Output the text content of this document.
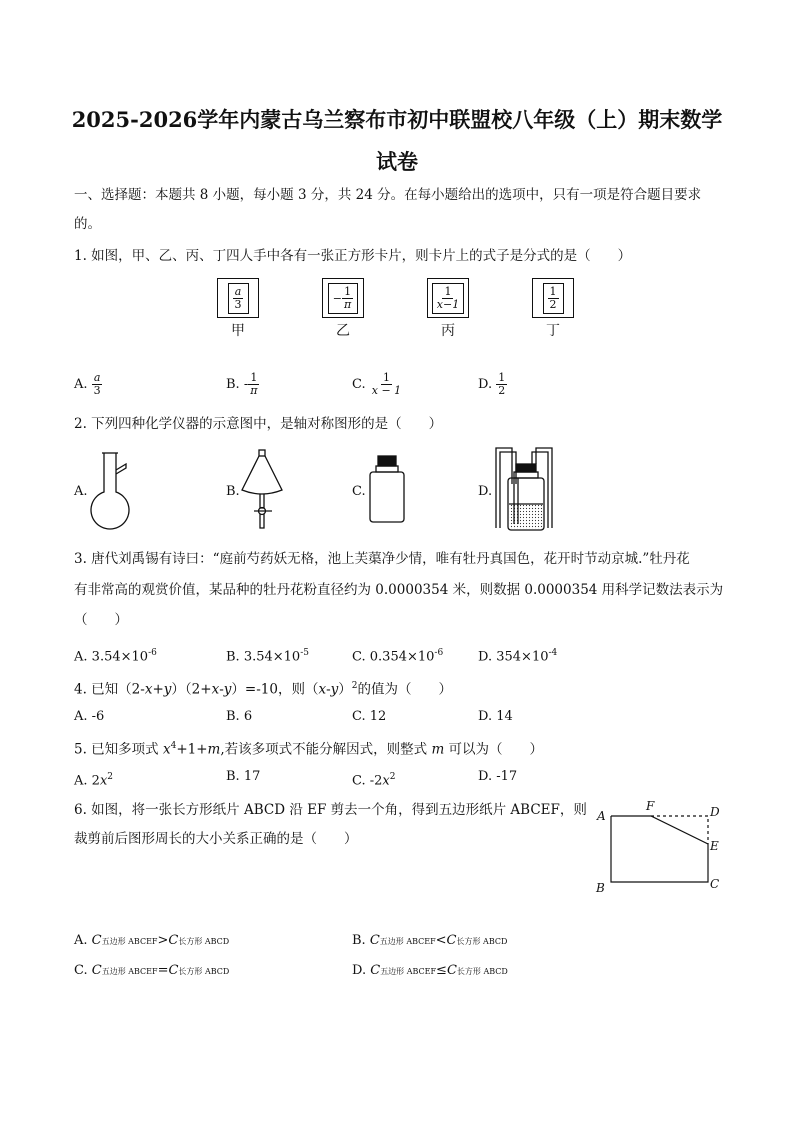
2025-2026学年内蒙古乌兰察布市初中联盟校八年级（上）期末数学
试卷
一、选择题：本题共 8 小题，每小题 3 分，共 24 分。在每小题给出的选项中，只有一项是符合题目要求
的。
1. 如图，甲、乙、丙、丁四人手中各有一张正方形卡片，则卡片上的式子是分式的是（　　）
$\frac{a}{3}$
甲
− $\frac{1}{\pi}$
乙
$\frac{1}{x-1}$
丙
$\frac{1}{2}$
丁
A. $\frac{a}{3}$	B. - $\frac{1}{\pi}$	C. $\frac{1}{x - 1}$	D. $\frac{1}{2}$
2. 下列四种化学仪器的示意图中，是轴对称图形的是（　　）
A.	B.	C.	D.
3. 唐代刘禹锡有诗曰：“庭前芍药妖无格，池上芙蕖净少情，唯有牡丹真国色，花开时节动京城.”牡丹花
有非常高的观赏价值，某品种的牡丹花粉直径约为 0.0000354 米，则数据 0.0000354 用科学记数法表示为
（　　）
A. $3.54\times 10^{-6}$	B. $3.54\times 10^{-5}$	C. $0.354\times 10^{-6}$	D. $354\times 10^{-4}$
4. 已知（2-x+y）（2+x-y）=-10，则$(x-y)^2$的值为（　　）
A. -6	B. 6	C. 12	D. 14
5. 已知多项式 $x^4+1+m$,若该多项式不能分解因式，则整式 m 可以为（　　）
A. $2x^2$	B. 17	C. $-2x^2$	D. -17
6. 如图，将一张长方形纸片 ABCD 沿 EF 剪去一个角，得到五边形纸片 ABCEF，则
裁剪前后图形周长的大小关系正确的是（　　）
A
F	D
E
B	C
A. C五边形 ABCEF>C长方形 ABCD	B. C五边形 ABCEF<C长方形 ABCD
C. C五边形 ABCEF=C长方形 ABCD	D. C五边形 ABCEF≤C长方形 ABCD
